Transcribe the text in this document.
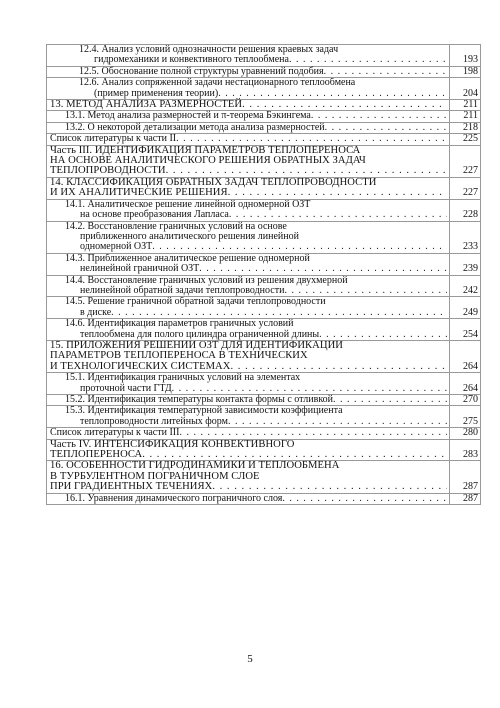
12.4. Анализ условий однозначности решения краевых задач
гидромеханики и конвективного теплообмена
. . .	193

12.5. Обоснование полной структуры уравнений подобия
. . .	198

12.6. Анализ сопряженной задачи нестационарного теплообмена
(пример применения теории)
. . .	204

13. МЕТОД АНАЛИЗА РАЗМЕРНОСТЕЙ
. . .	211

13.1. Метод анализа размерностей и π-теорема Бэкингема
. . .	211

13.2. О некоторой детализации метода анализа размерностей
. . .	218

Список литературы к части II
. . .	225

Часть III. ИДЕНТИФИКАЦИЯ ПАРАМЕТРОВ ТЕПЛОПЕРЕНОСА
НА ОСНОВЕ АНАЛИТИЧЕСКОГО РЕШЕНИЯ ОБРАТНЫХ ЗАДАЧ
ТЕПЛОПРОВОДНОСТИ
. . .	227

14. КЛАССИФИКАЦИЯ ОБРАТНЫХ ЗАДАЧ ТЕПЛОПРОВОДНОСТИ
И ИХ АНАЛИТИЧЕСКИЕ РЕШЕНИЯ
. . .	227

14.1. Аналитическое решение линейной одномерной ОЗТ
на основе преобразования Лапласа
. . .	228

14.2. Восстановление граничных условий на основе
приближенного аналитического решения линейной
одномерной ОЗТ
. . .	233

14.3. Приближенное аналитическое решение одномерной
нелинейной граничной ОЗТ
. . .	239

14.4. Восстановление граничных условий из решения двухмерной
нелинейной обратной задачи теплопроводности
. . .	242

14.5. Решение граничной обратной задачи теплопроводности
в диске
. . .	249

14.6. Идентификация параметров граничных условий
теплообмена для полого цилиндра ограниченной длины
. . .	254

15. ПРИЛОЖЕНИЯ РЕШЕНИЙ ОЗТ ДЛЯ ИДЕНТИФИКАЦИИ
ПАРАМЕТРОВ ТЕПЛОПЕРЕНОСА В ТЕХНИЧЕСКИХ
И ТЕХНОЛОГИЧЕСКИХ СИСТЕМАХ
. . .	264

15.1. Идентификация граничных условий на элементах
проточной части ГТД
. . .	264

15.2. Идентификация температуры контакта формы с отливкой
. . .	270

15.3. Идентификация температурной зависимости коэффициента
теплопроводности литейных форм
. . .	275

Список литературы к части III
. . .	280

Часть IV. ИНТЕНСИФИКАЦИЯ КОНВЕКТИВНОГО
ТЕПЛОПЕРЕНОСА
. . .	283

16. ОСОБЕННОСТИ ГИДРОДИНАМИКИ И ТЕПЛООБМЕНА
В ТУРБУЛЕНТНОМ ПОГРАНИЧНОМ СЛОЕ
ПРИ ГРАДИЕНТНЫХ ТЕЧЕНИЯХ
. . .	287

16.1. Уравнения динамического пограничного слоя
. . .	287
5
